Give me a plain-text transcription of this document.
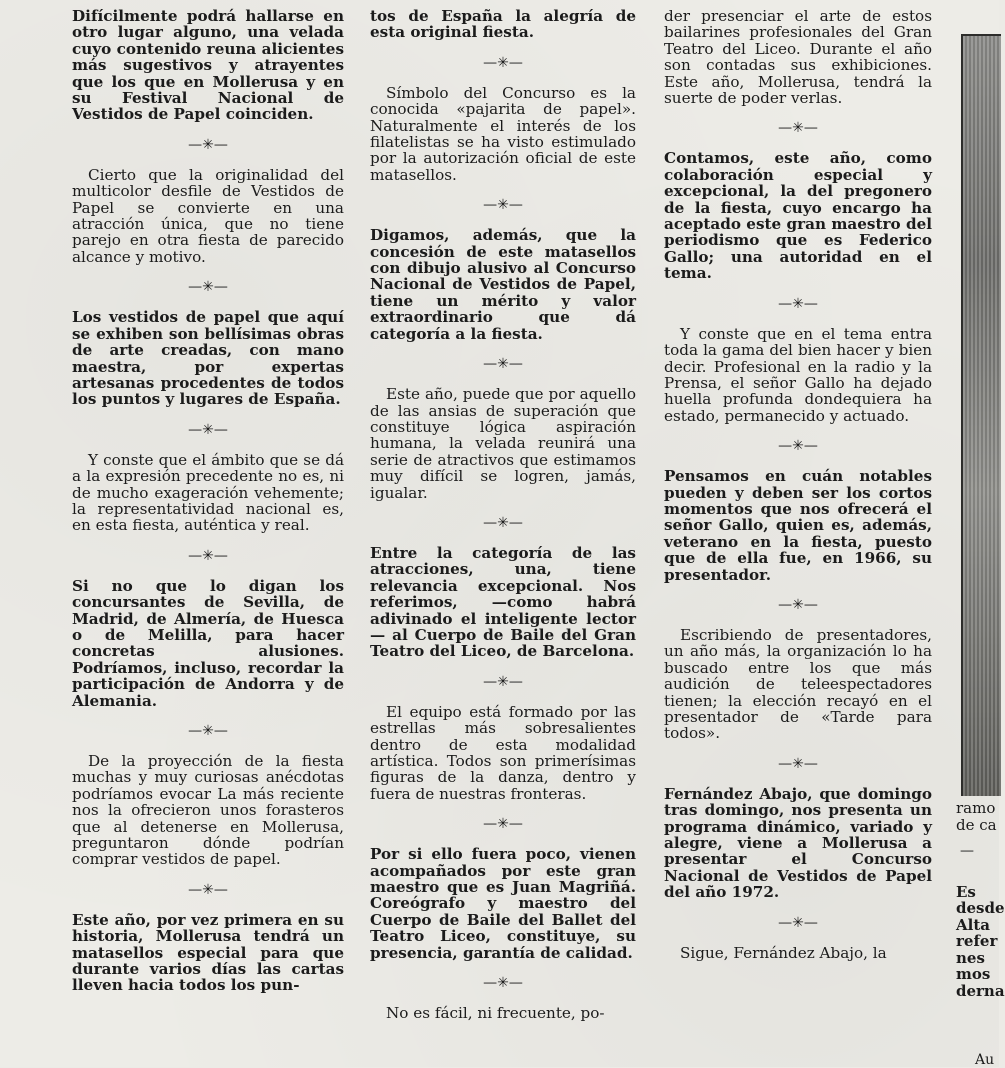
Difícilmente podrá hallarse en otro lugar alguno, una velada cuyo contenido reuna alicientes más sugestivos y atrayentes que los que en Mollerusa y en su Festival Nacional de Vestidos de Papel coinciden.

—✳—

Cierto que la originalidad del multicolor desfile de Vestidos de Papel se convierte en una atracción única, que no tiene parejo en otra fiesta de parecido alcance y motivo.

—✳—

Los vestidos de papel que aquí se exhiben son bellísimas obras de arte creadas, con mano maestra, por expertas artesanas procedentes de todos los puntos y lugares de España.

—✳—

Y conste que el ámbito que se dá a la expresión precedente no es, ni de mucho exageración vehemente; la representatividad nacional es, en esta fiesta, auténtica y real.

—✳—

Si no que lo digan los concursantes de Sevilla, de Madrid, de Almería, de Huesca o de Melilla, para hacer concretas alusiones. Podríamos, incluso, recordar la participación de Andorra y de Alemania.

—✳—

De la proyección de la fiesta muchas y muy curiosas anécdotas podríamos evocar La más reciente nos la ofrecieron unos forasteros que al detenerse en Mollerusa, preguntaron dónde podrían comprar vestidos de papel.

—✳—

Este año, por vez primera en su historia, Mollerusa tendrá un matasellos especial para que durante varios días las cartas lleven hacia todos los pun-

tos de España la alegría de esta original fiesta.

—✳—

Símbolo del Concurso es la conocida «pajarita de papel». Naturalmente el interés de los filatelistas se ha visto estimulado por la autorización oficial de este matasellos.

—✳—

Digamos, además, que la concesión de este matasellos con dibujo alusivo al Concurso Nacional de Vestidos de Papel, tiene un mérito y valor extraordinario que dá categoría a la fiesta.

—✳—

Este año, puede que por aquello de las ansias de superación que constituye lógica aspiración humana, la velada reunirá una serie de atractivos que estimamos muy difícil se logren, jamás, igualar.

—✳—

Entre la categoría de las atracciones, una, tiene relevancia excepcional. Nos referimos, —como habrá adivinado el inteligente lector— al Cuerpo de Baile del Gran Teatro del Liceo, de Barcelona.

—✳—

El equipo está formado por las estrellas más sobresalientes dentro de esta modalidad artística. Todos son primerísimas figuras de la danza, dentro y fuera de nuestras fronteras.

—✳—

Por si ello fuera poco, vienen acompañados por este gran maestro que es Juan Magriñá. Coreógrafo y maestro del Cuerpo de Baile del Ballet del Teatro Liceo, constituye, su presencia, garantía de calidad.

—✳—

No es fácil, ni frecuente, po-

der presenciar el arte de estos bailarines profesionales del Gran Teatro del Liceo. Durante el año son contadas sus exhibiciones. Este año, Mollerusa, tendrá la suerte de poder verlas.

—✳—

Contamos, este año, como colaboración especial y excepcional, la del pregonero de la fiesta, cuyo encargo ha aceptado este gran maestro del periodismo que es Federico Gallo; una autoridad en el tema.

—✳—

Y conste que en el tema entra toda la gama del bien hacer y bien decir. Profesional en la radio y la Prensa, el señor Gallo ha dejado huella profunda dondequiera ha estado, permanecido y actuado.

—✳—

Pensamos en cuán notables pueden y deben ser los cortos momentos que nos ofrecerá el señor Gallo, quien es, además, veterano en la fiesta, puesto que de ella fue, en 1966, su presentador.

—✳—

Escribiendo de presentadores, un año más, la organización lo ha buscado entre los que más audición de teleespectadores tienen; la elección recayó en el presentador de «Tarde para todos».

—✳—

Fernández Abajo, que domingo tras domingo, nos presenta un programa dinámico, variado y alegre, viene a Mollerusa a presentar el Concurso Nacional de Vestidos de Papel del año 1972.

—✳—

Sigue, Fernández Abajo, la

ramo

de ca

—

Es

desde

Alta

refer

nes

mos

derna

Au
